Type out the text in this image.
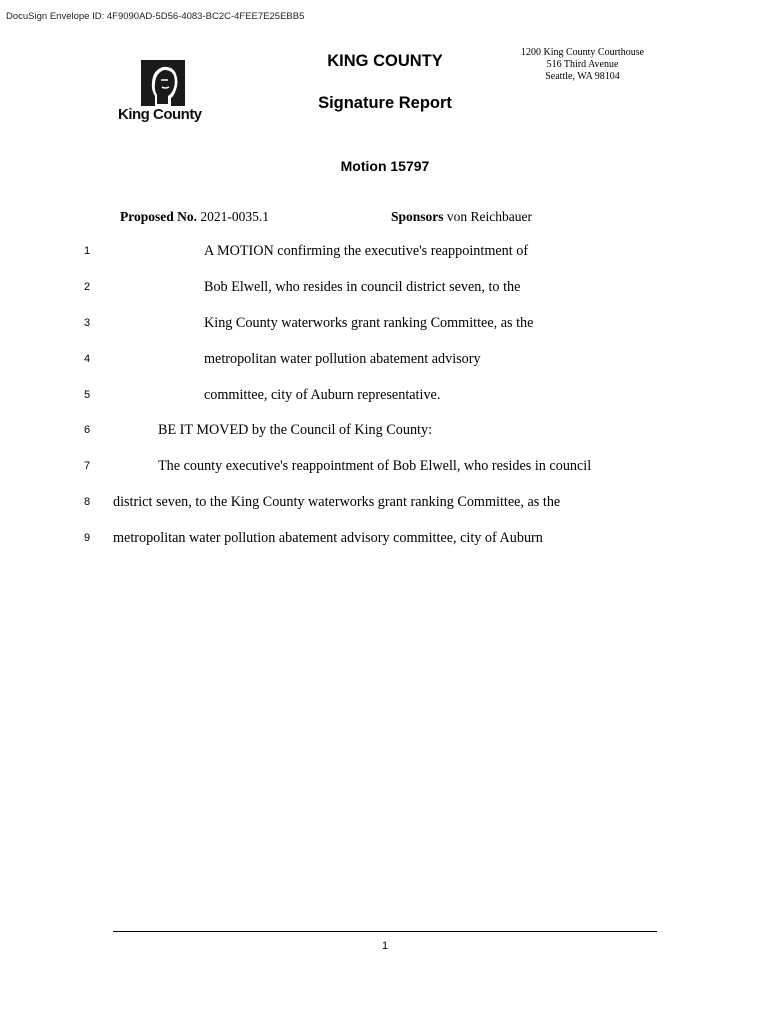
DocuSign Envelope ID: 4F9090AD-5D56-4083-BC2C-4FEE7E25EBB5
King County
KING COUNTY
Signature Report
1200 King County Courthouse
516 Third Avenue
Seattle, WA 98104
Motion 15797
Proposed No. 2021-0035.1	Sponsors von Reichbauer
1	A MOTION confirming the executive's reappointment of
2	Bob Elwell, who resides in council district seven, to the
3	King County waterworks grant ranking Committee, as the
4	metropolitan water pollution abatement advisory
5	committee, city of Auburn representative.
6	BE IT MOVED by the Council of King County:
7	The county executive's reappointment of Bob Elwell, who resides in council
8	district seven, to the King County waterworks grant ranking Committee, as the
9	metropolitan water pollution abatement advisory committee, city of Auburn
1
